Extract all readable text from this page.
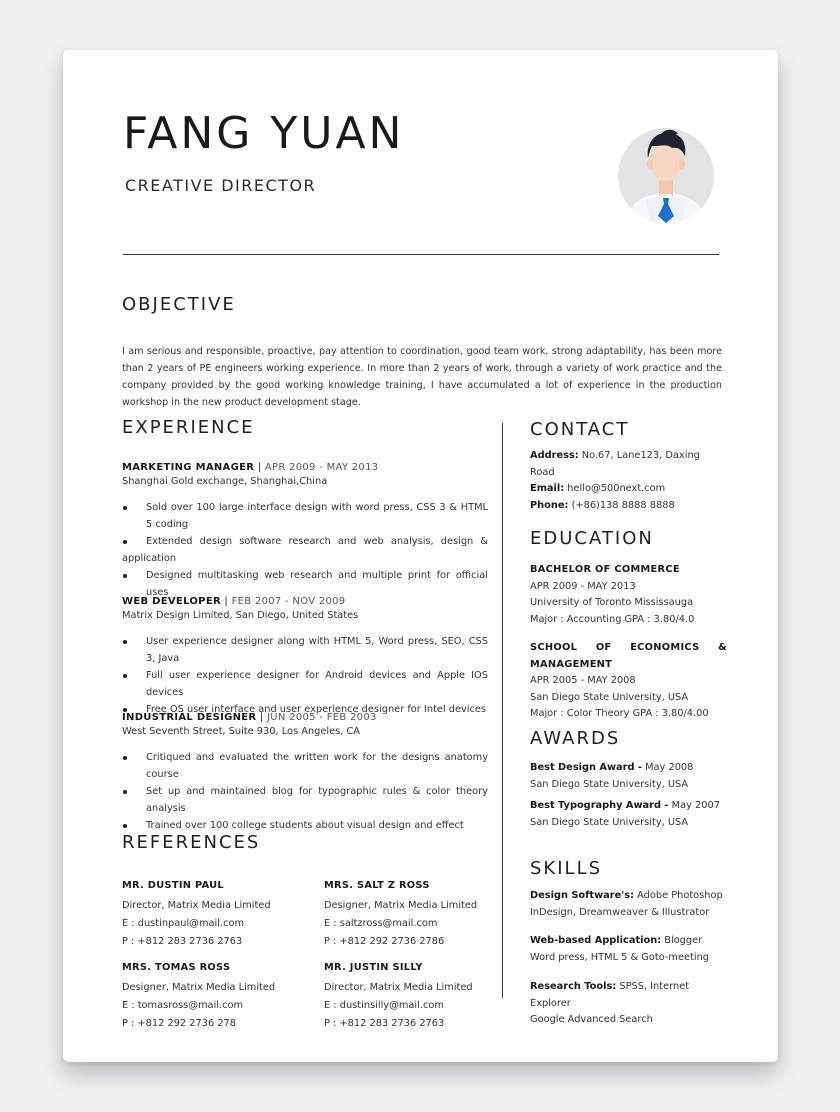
FANG YUAN
CREATIVE DIRECTOR
OBJECTIVE

I am serious and responsible, proactive, pay attention to coordination, good team work, strong adaptability, has been more than 2 years of PE engineers working experience. In more than 2 years of work, through a variety of work practice and the company provided by the good working knowledge training, I have accumulated a lot of experience in the production workshop in the new product development stage.

EXPERIENCE
MARKETING MANAGER | APR 2009 - MAY 2013
Shanghai Gold exchange, Shanghai,China
Sold over 100 large interface design with word press, CSS 3 & HTML 5 coding
Extended design software research and web analysis, design & application
Designed multitasking web research and multiple print for official uses
WEB DEVELOPER | FEB 2007 - NOV 2009
Matrix Design Limited, San Diego, United States
User experience designer along with HTML 5, Word press, SEO, CSS 3, Java
Full user experience designer for Android devices and Apple IOS devices
Free OS user interface and user experience designer for Intel devices
INDUSTRIAL DESIGNER | JUN 2005 - FEB 2003
West Seventh Street, Suite 930, Los Angeles, CA
Critiqued and evaluated the written work for the designs anatomy course
Set up and maintained blog for typographic rules & color theory analysis
Trained over 100 college students about visual design and effect
REFERENCES
MR. DUSTIN PAUL
Director, Matrix Media Limited
E : dustinpaul@mail.com
P : +812 283 2736 2763
MRS. SALT Z ROSS
Designer, Matrix Media Limited
E : saltzross@mail.com
P : +812 292 2736 2786
MRS. TOMAS ROSS
Designer, Matrix Media Limited
E : tomasross@mail.com
P : +812 292 2736 278
MR. JUSTIN SILLY
Director, Matrix Media Limited
E : dustinsilly@mail.com
P : +812 283 2736 2763
CONTACT
Address: No.67, Lane123, Daxing Road
Email: hello@500next.com
Phone: (+86)138 8888 8888
EDUCATION
BACHELOR OF COMMERCE
APR 2009 - MAY 2013
University of Toronto Mississauga
Major : Accounting GPA : 3.80/4.0
SCHOOL OF ECONOMICS &
MANAGEMENT
APR 2005 - MAY 2008
San Diego State University, USA
Major : Color Theory GPA : 3.80/4.00
AWARDS
Best Design Award - May 2008
San Diego State University, USA
Best Typography Award - May 2007
San Diego State University, USA
SKILLS
Design Software's: Adobe Photoshop
InDesign, Dreamweaver & Illustrator
Web-based Application: Blogger
Word press, HTML 5 & Goto-meeting
Research Tools: SPSS, Internet Explorer
Google Advanced Search
